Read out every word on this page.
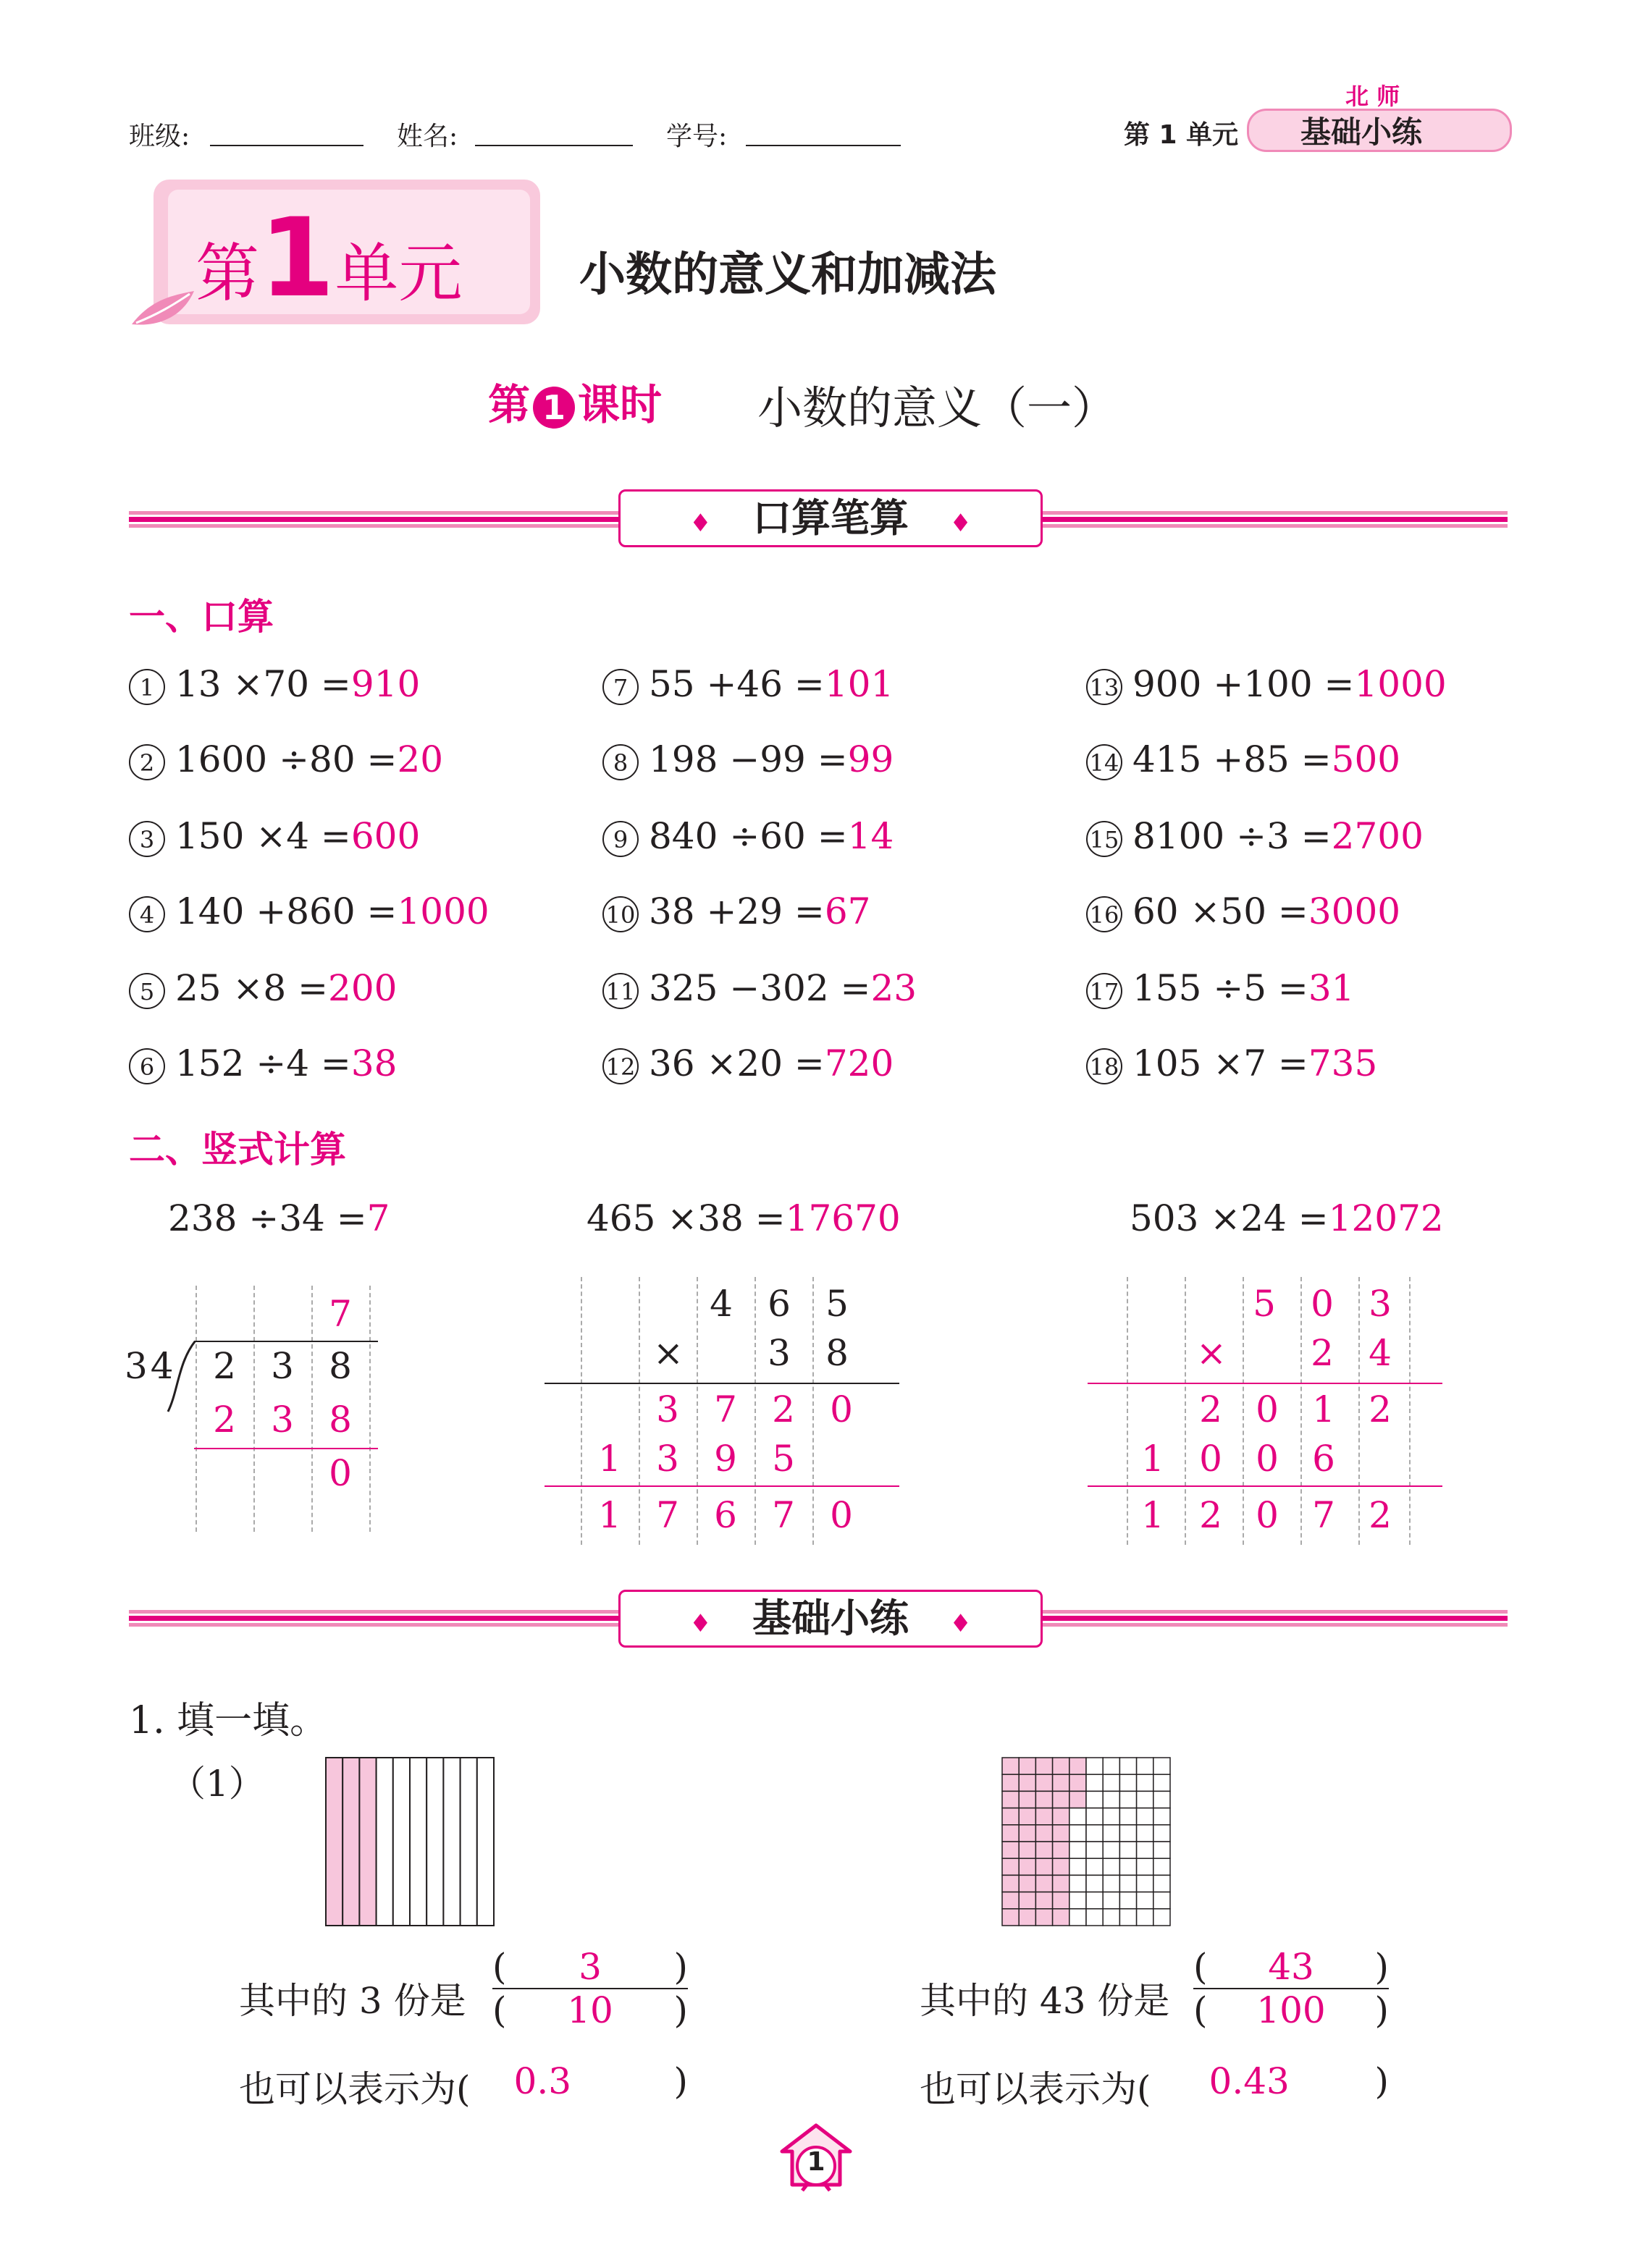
班级:	姓名:	学号:	第 1 单元
北 师
基础小练
第1单元	小数的意义和加减法
第 1 课时 小数的意义（一）
♦ 口算笔算 ♦
一、口算
1 13 ×70 =910
2 1600 ÷80 =20
3 150 ×4 =600
4 140 +860 =1000
5 25 ×8 =200
6 152 ÷4 =38
7 55 +46 =101
8 198 −99 =99
9 840 ÷60 =14
10 38 +29 =67
11 325 −302 =23
12 36 ×20 =720
13 900 +100 =1000
14 415 +85 =500
15 8100 ÷3 =2700
16 60 ×50 =3000
17 155 ÷5 =31
18 105 ×7 =735
二、竖式计算
238 ÷34 =7	465 ×38 =17670	503 ×24 =12072
7
34 2 3 8
2 3 8
0
4 6 5
× 3 8
3 7 2 0
1 3 9 5
1 7 6 7 0
5 0 3
× 2 4
2 0 1 2
1 0 0 6
1 2 0 7 2
♦ 基础小练 ♦
1. 填一填。
（1）
其中的 3 份是
( 3 )
( 10 )
也可以表示为( 0.3	)
其中的 43 份是
( 43 )
( 100 )
也可以表示为( 0.43 )
1
